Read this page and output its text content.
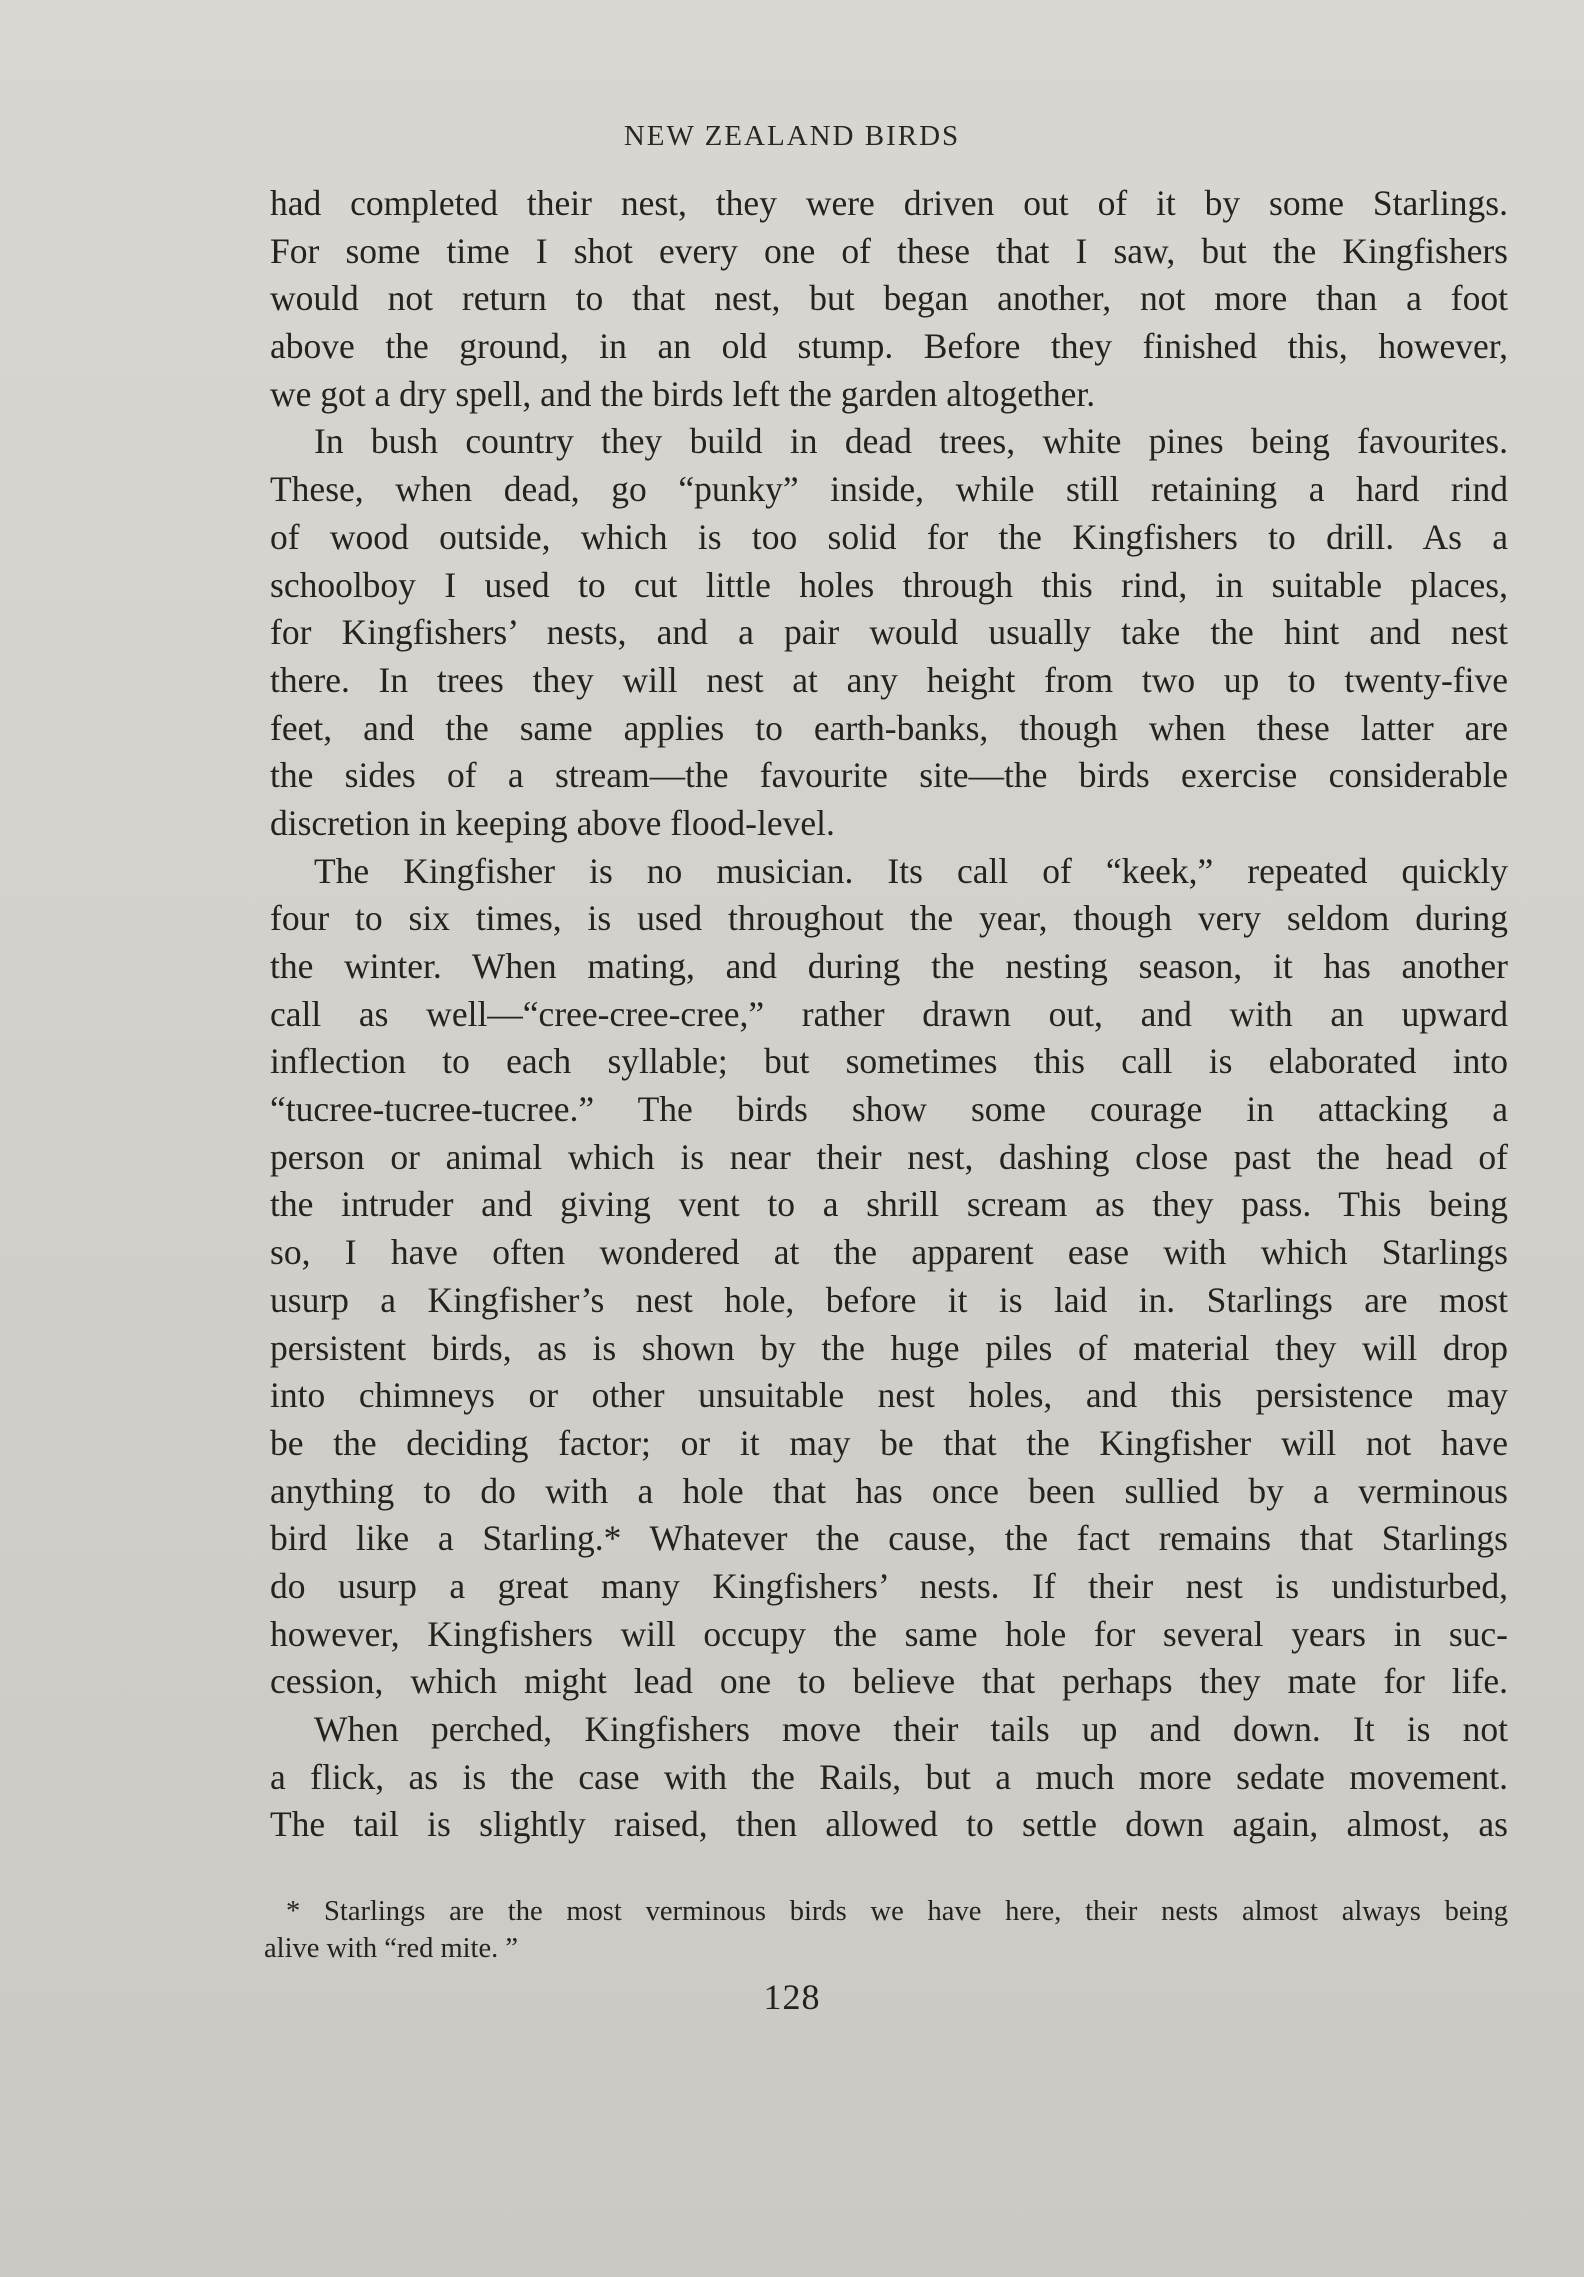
NEW ZEALAND BIRDS
had completed their nest, they were driven out of it by some Starlings.
For some time I shot every one of these that I saw, but the Kingfishers
would not return to that nest, but began another, not more than a foot
above the ground, in an old stump. Before they finished this, however,
we got a dry spell, and the birds left the garden altogether.
In bush country they build in dead trees, white pines being favourites.
These, when dead, go “punky” inside, while still retaining a hard rind
of wood outside, which is too solid for the Kingfishers to drill. As a
schoolboy I used to cut little holes through this rind, in suitable places,
for Kingfishers’ nests, and a pair would usually take the hint and nest
there. In trees they will nest at any height from two up to twenty-five
feet, and the same applies to earth-banks, though when these latter are
the sides of a stream—the favourite site—the birds exercise considerable
discretion in keeping above flood-level.
The Kingfisher is no musician. Its call of “keek,” repeated quickly
four to six times, is used throughout the year, though very seldom during
the winter. When mating, and during the nesting season, it has another
call as well—“cree-cree-cree,” rather drawn out, and with an upward
inflection to each syllable; but sometimes this call is elaborated into
“tucree-tucree-tucree.” The birds show some courage in attacking a
person or animal which is near their nest, dashing close past the head of
the intruder and giving vent to a shrill scream as they pass. This being
so, I have often wondered at the apparent ease with which Starlings
usurp a Kingfisher’s nest hole, before it is laid in. Starlings are most
persistent birds, as is shown by the huge piles of material they will drop
into chimneys or other unsuitable nest holes, and this persistence may
be the deciding factor; or it may be that the Kingfisher will not have
anything to do with a hole that has once been sullied by a verminous
bird like a Starling.* Whatever the cause, the fact remains that Starlings
do usurp a great many Kingfishers’ nests. If their nest is undisturbed,
however, Kingfishers will occupy the same hole for several years in suc-
cession, which might lead one to believe that perhaps they mate for life.
When perched, Kingfishers move their tails up and down. It is not
a flick, as is the case with the Rails, but a much more sedate movement.
The tail is slightly raised, then allowed to settle down again, almost, as
* Starlings are the most verminous birds we have here, their nests almost always being
alive with “red mite. ”
128
